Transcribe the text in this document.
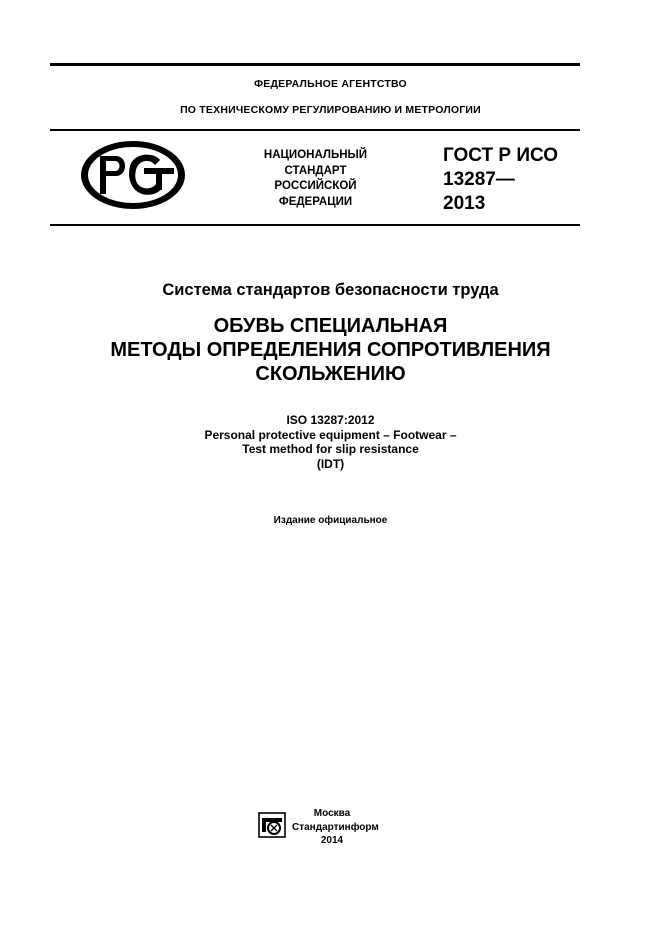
ФЕДЕРАЛЬНОЕ АГЕНТСТВО
ПО ТЕХНИЧЕСКОМУ РЕГУЛИРОВАНИЮ И МЕТРОЛОГИИ
НАЦИОНАЛЬНЫЙ
СТАНДАРТ
РОССИЙСКОЙ
ФЕДЕРАЦИИ
ГОСТ Р ИСО
13287—
2013
Система стандартов безопасности труда
ОБУВЬ СПЕЦИАЛЬНАЯ
МЕТОДЫ ОПРЕДЕЛЕНИЯ СОПРОТИВЛЕНИЯ
СКОЛЬЖЕНИЮ
ISO 13287:2012
Personal protective equipment – Footwear –
Test method for slip resistance
(IDT)
Издание официальное
Москва
Стандартинформ
2014
